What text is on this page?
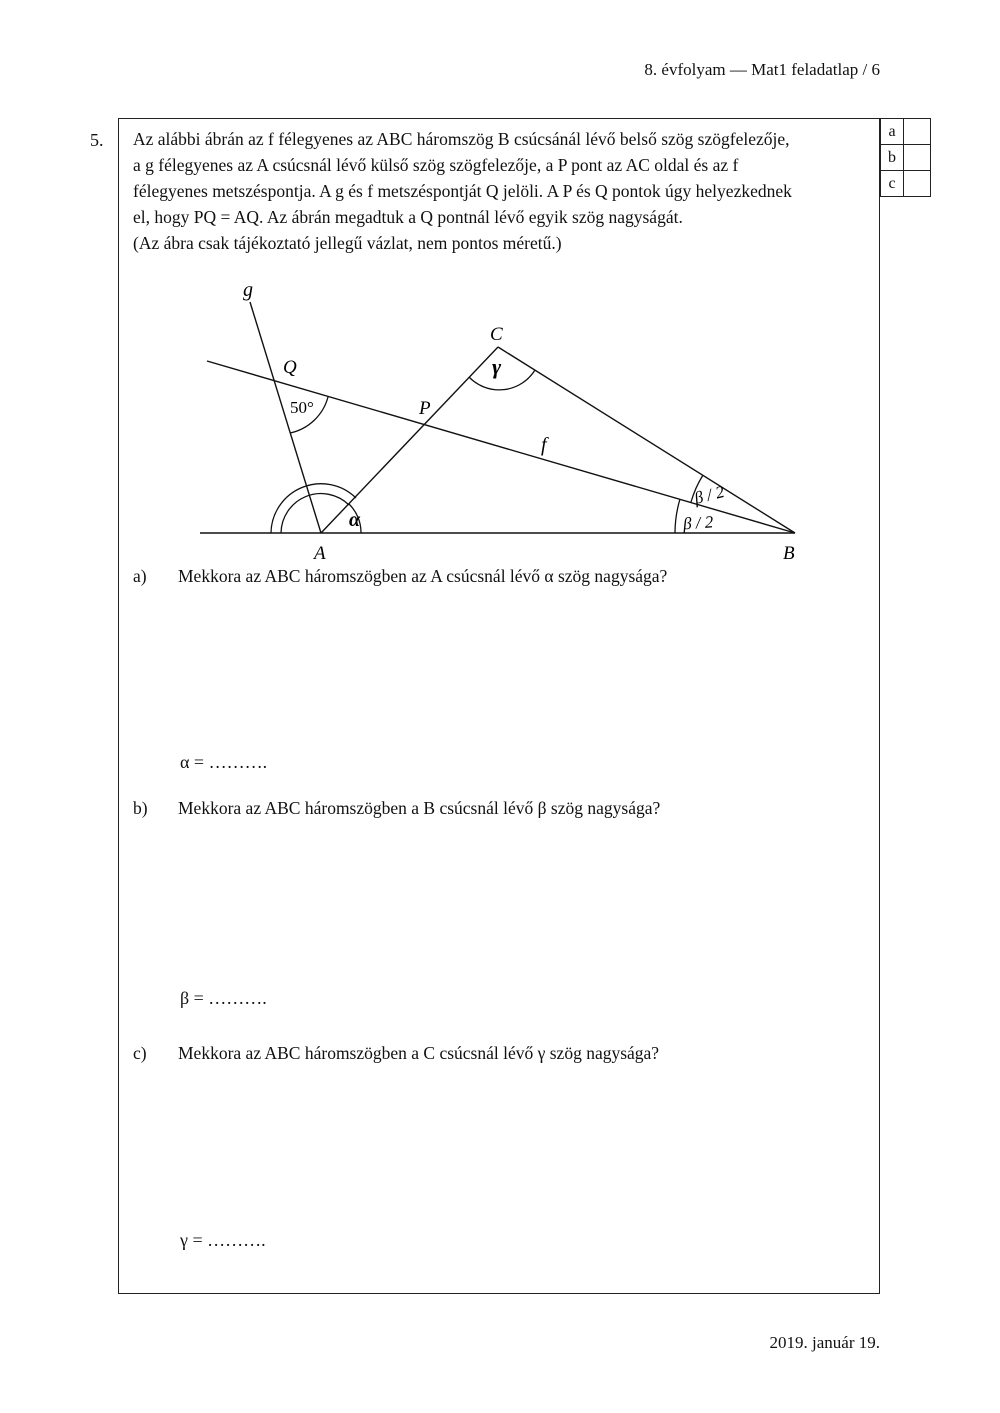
8. évfolyam — Mat1 feladatlap / 6
5.	a	
b	
c	

Az alábbi ábrán az f félegyenes az ABC háromszög B csúcsánál lévő belső szög szögfelezője,

a g félegyenes az A csúcsnál lévő külső szög szögfelezője, a P pont az AC oldal és az f

félegyenes metszéspontja. A g és f metszéspontját Q jelöli. A P és Q pontok úgy helyezkednek

el, hogy PQ = AQ. Az ábrán megadtuk a Q pontnál lévő egyik szög nagyságát.

(Az ábra csak tájékoztató jellegű vázlat, nem pontos méretű.)

g
Q
50°
C
γ
P
f
α
β / 2
β / 2
A	B
a) Mekkora az ABC háromszögben az A csúcsnál lévő α szög nagysága?
α = ……….
b) Mekkora az ABC háromszögben a B csúcsnál lévő β szög nagysága?
β = ……….
c) Mekkora az ABC háromszögben a C csúcsnál lévő γ szög nagysága?
γ = ……….
2019. január 19.
